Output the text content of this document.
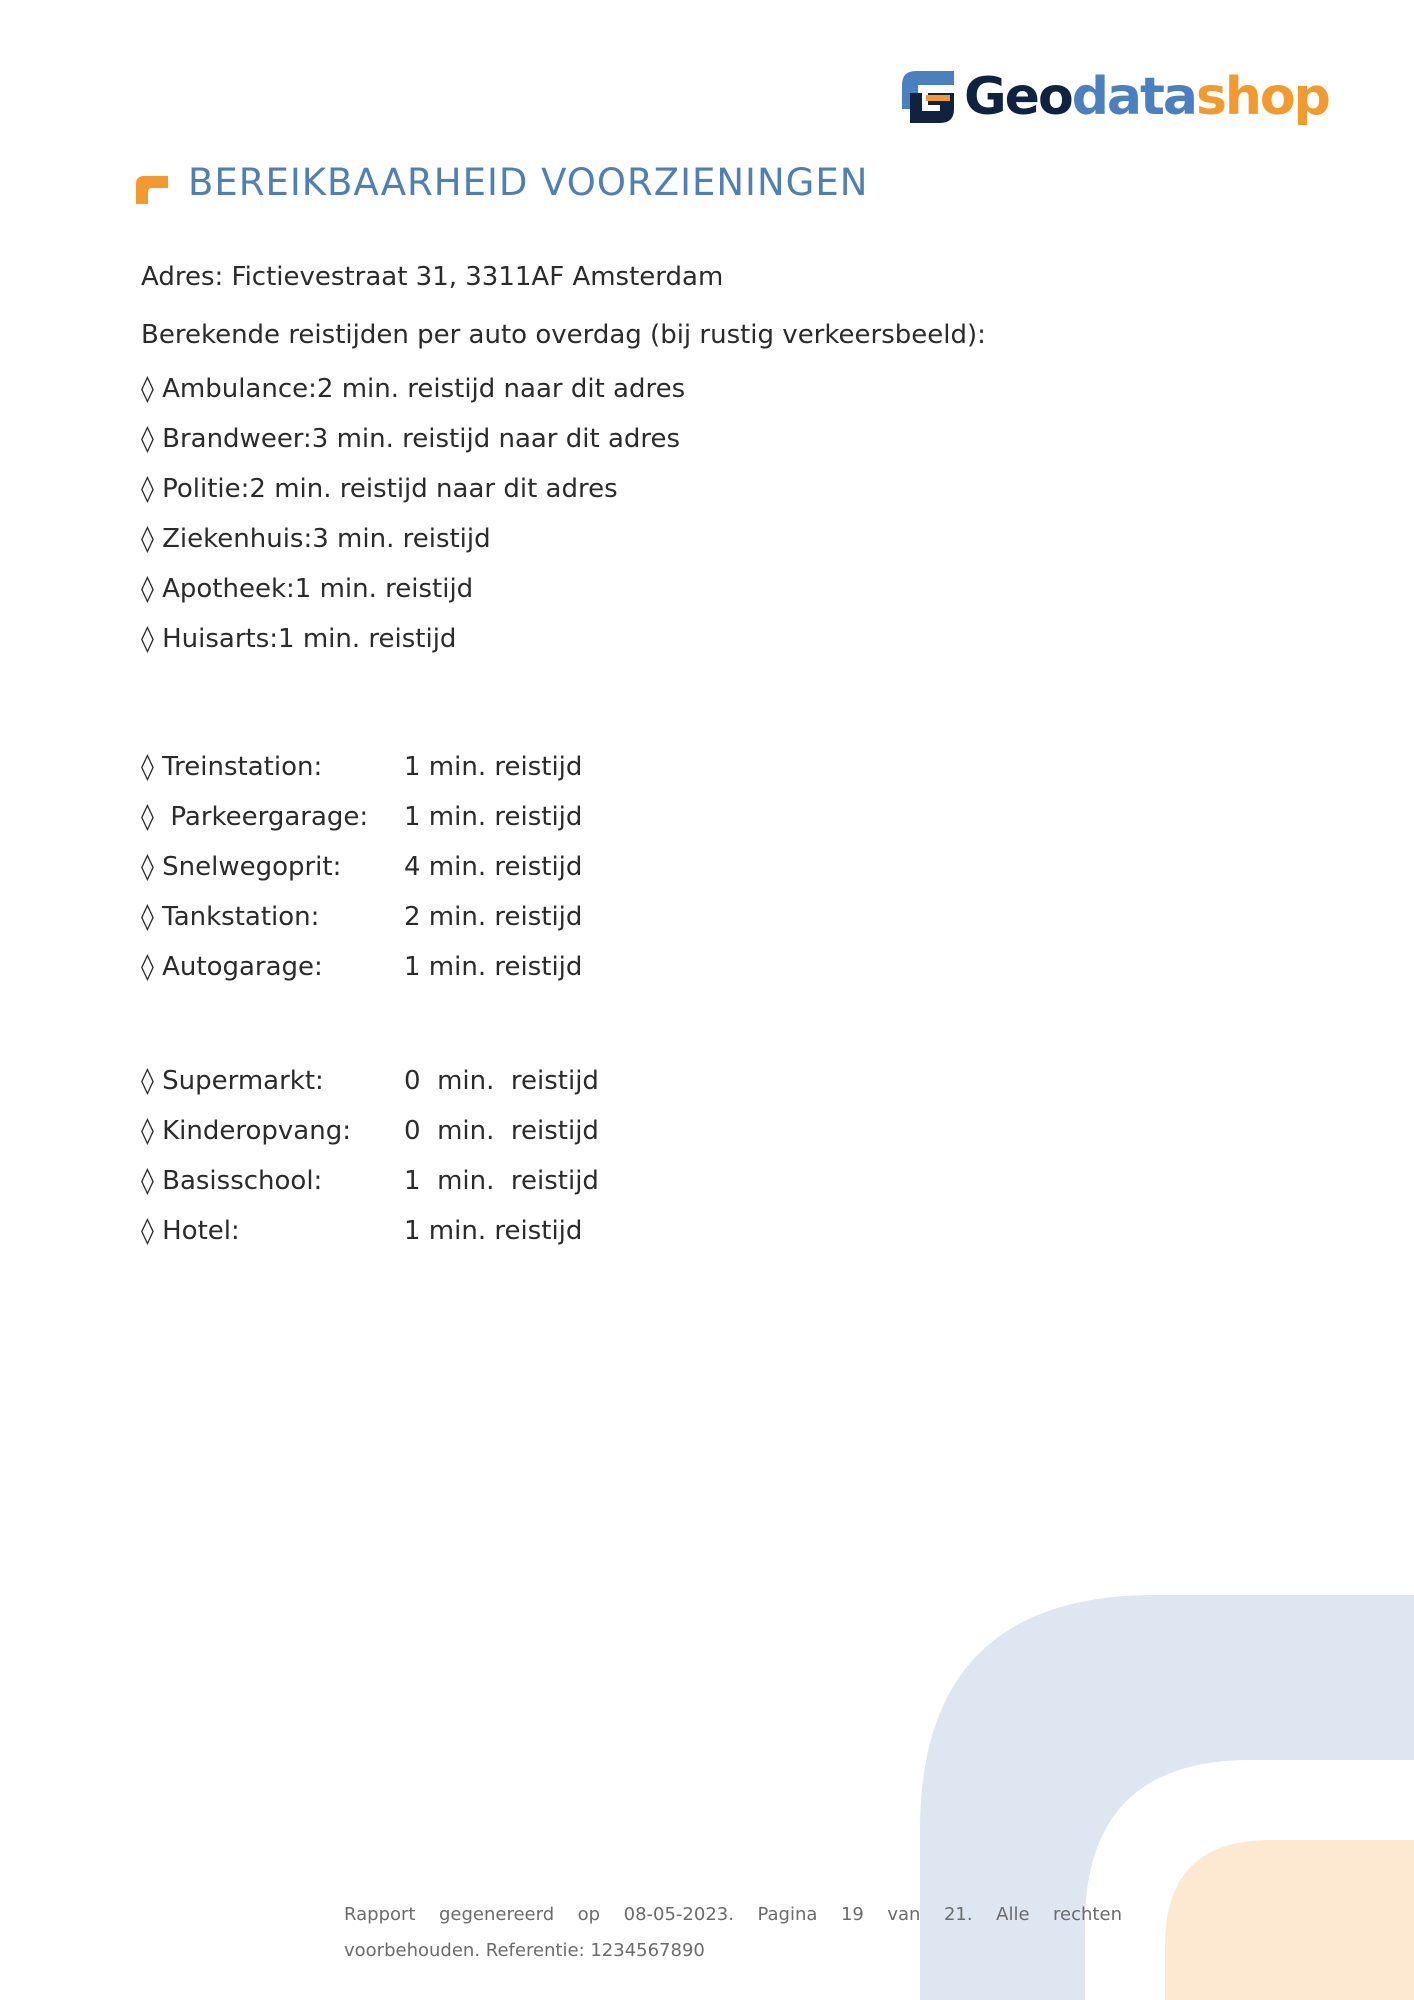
Geodatashop
BEREIKBAARHEID VOORZIENINGEN
Adres: Fictievestraat 31, 3311AF Amsterdam
Berekende reistijden per auto overdag (bij rustig verkeersbeeld):
◊ Ambulance:2 min. reistijd naar dit adres
◊ Brandweer:3 min. reistijd naar dit adres
◊ Politie:2 min. reistijd naar dit adres
◊ Ziekenhuis:3 min. reistijd
◊ Apotheek:1 min. reistijd
◊ Huisarts:1 min. reistijd
◊ Treinstation:	1 min. reistijd
◊  Parkeergarage:	1 min. reistijd
◊ Snelwegoprit:	4 min. reistijd
◊ Tankstation:	2 min. reistijd
◊ Autogarage:	1 min. reistijd
◊ Supermarkt:	0  min.  reistijd
◊ Kinderopvang:	0  min.  reistijd
◊ Basisschool:	1  min.  reistijd
◊ Hotel:	1 min. reistijd
Rapport gegenereerd op 08-05-2023. Pagina 19 van 21. Alle rechten
voorbehouden. Referentie: 1234567890
